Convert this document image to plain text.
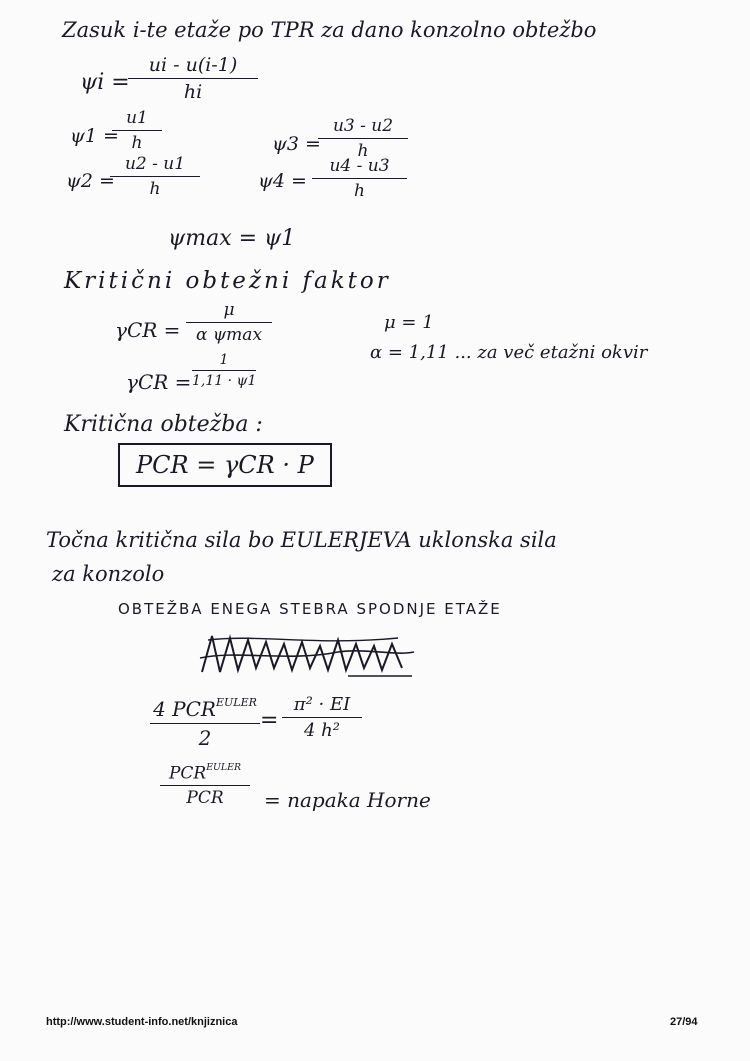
Zasuk i-te etaže po TPR za dano konzolno obtežbo
ψi =
ui - u(i-1)
hi
ψ1 =
u1
h	ψ3 =
u3 - u2
h
ψ2 =
u2 - u1
h	ψ4 =
u4 - u3
h
ψmax = ψ1
Kritični obtežni faktor
γCR =
μ
α ψmax
μ = 1
α = 1,11 ... za več etažni okvir
γCR =
1
1,11 · ψ1
Kritična obtežba :
PCR = γCR · P
Točna kritična sila bo EULERJEVA uklonska sila
za konzolo
OBTEŽBA ENEGA STEBRA SPODNJE ETAŽE
4 $PCR^{EULER}$
2
=
π² · EI
4 h²
$PCR^{EULER}$
PCR	= napaka Horne
http://www.student-info.net/knjiznica	27/94
